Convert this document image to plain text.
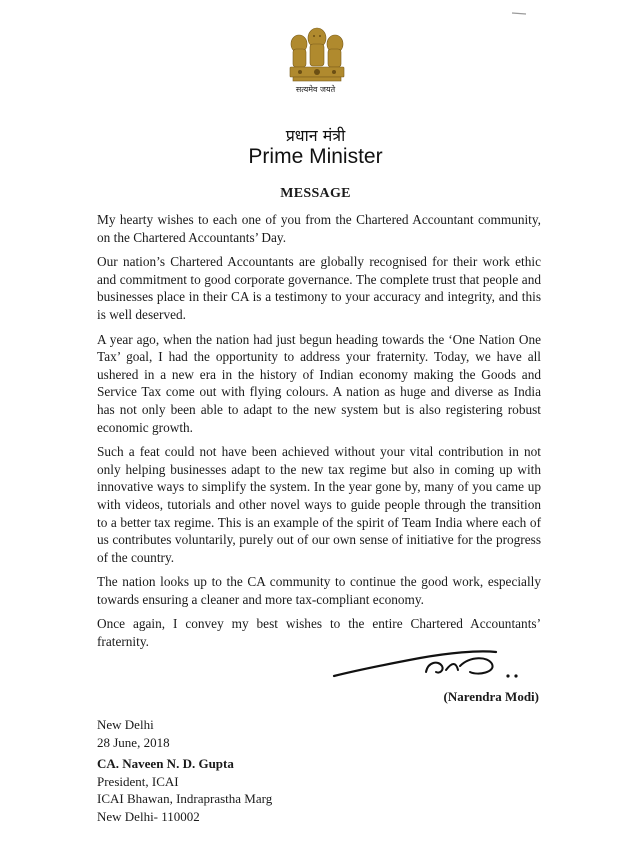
सत्यमेव जयते
प्रधान मंत्री
Prime Minister
MESSAGE

My hearty wishes to each one of you from the Chartered Accountant community, on the Chartered Accountants’ Day.

Our nation’s Chartered Accountants are globally recognised for their work ethic and commitment to good corporate governance. The complete trust that people and businesses place in their CA is a testimony to your accuracy and integrity, and this is well deserved.

A year ago, when the nation had just begun heading towards the ‘One Nation One Tax’ goal, I had the opportunity to address your fraternity. Today, we have all ushered in a new era in the history of Indian economy making the Goods and Service Tax come out with flying colours. A nation as huge and diverse as India has not only been able to adapt to the new system but is also registering robust economic growth.

Such a feat could not have been achieved without your vital contribution in not only helping businesses adapt to the new tax regime but also in coming up with innovative ways to simplify the system. In the year gone by, many of you came up with videos, tutorials and other novel ways to guide people through the transition to a better tax regime. This is an example of the spirit of Team India where each of us contributes voluntarily, purely out of our own sense of initiative for the progress of the country.

The nation looks up to the CA community to continue the good work, especially towards ensuring a cleaner and more tax-compliant economy.

Once again, I convey my best wishes to the entire Chartered Accountants’ fraternity.

(Narendra Modi)
New Delhi
28 June, 2018
CA. Naveen N. D. Gupta
President, ICAI
ICAI Bhawan, Indraprastha Marg
New Delhi- 110002
